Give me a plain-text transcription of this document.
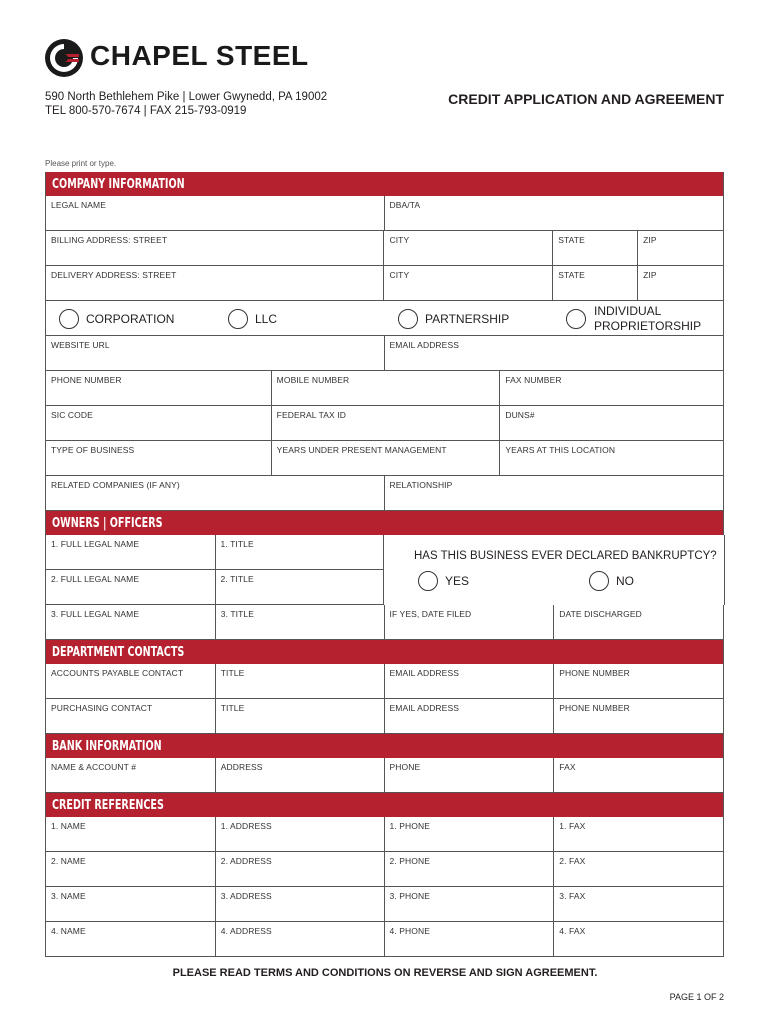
CHAPEL STEEL
590 North Bethlehem Pike | Lower Gwynedd, PA 19002
TEL 800-570-7674 | FAX 215-793-0919
CREDIT APPLICATION AND AGREEMENT
Please print or type.
COMPANY INFORMATION
LEGAL NAME	DBA/TA
BILLING ADDRESS: STREET	CITY	STATE	ZIP
DELIVERY ADDRESS: STREET	CITY	STATE	ZIP
CORPORATION	LLC	PARTNERSHIP
INDIVIDUAL
PROPRIETORSHIP
WEBSITE URL	EMAIL ADDRESS
PHONE NUMBER	MOBILE NUMBER	FAX NUMBER
SIC CODE	FEDERAL TAX ID	DUNS#
TYPE OF BUSINESS	YEARS UNDER PRESENT MANAGEMENT	YEARS AT THIS LOCATION
RELATED COMPANIES (IF ANY)	RELATIONSHIP
OWNERS | OFFICERS
1. FULL LEGAL NAME	1. TITLE
2. FULL LEGAL NAME	2. TITLE
3. FULL LEGAL NAME	3. TITLE	IF YES, DATE FILED	DATE DISCHARGED
HAS THIS BUSINESS EVER DECLARED BANKRUPTCY?
YES	NO
DEPARTMENT CONTACTS
ACCOUNTS PAYABLE CONTACT	TITLE	EMAIL ADDRESS	PHONE NUMBER
PURCHASING CONTACT	TITLE	EMAIL ADDRESS	PHONE NUMBER
BANK INFORMATION
NAME & ACCOUNT #	ADDRESS	PHONE	FAX
CREDIT REFERENCES
1. NAME	1. ADDRESS	1. PHONE	1. FAX
2. NAME	2. ADDRESS	2. PHONE	2. FAX
3. NAME	3. ADDRESS	3. PHONE	3. FAX
4. NAME	4. ADDRESS	4. PHONE	4. FAX
PLEASE READ TERMS AND CONDITIONS ON REVERSE AND SIGN AGREEMENT.
PAGE 1 OF 2
